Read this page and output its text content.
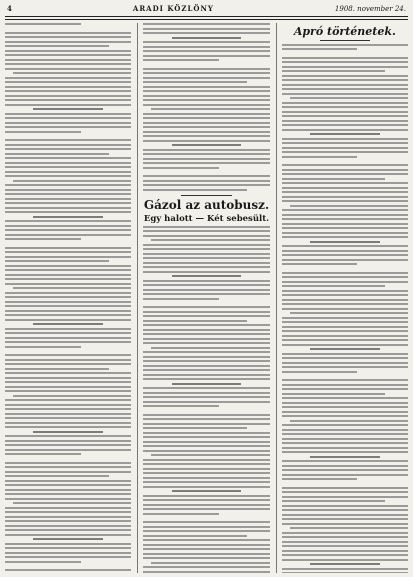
4	ARADI KÖZLÖNY	1908. november 24.
Gázol az autobusz.
Egy halott — Két sebesült.
Apró történetek.
